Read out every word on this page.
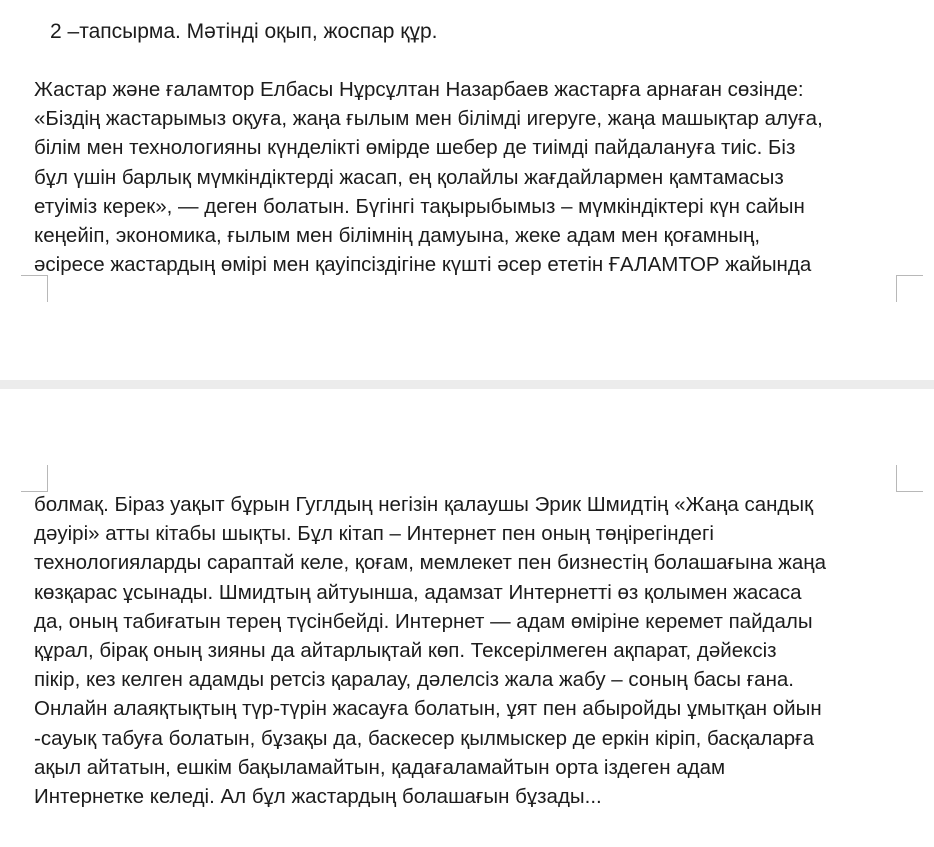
2 –тапсырма. Мәтінді оқып, жоспар құр.
Жастар және ғаламтор Елбасы Нұрсұлтан Назарбаев жастарға арнаған сөзінде:
«Біздің жастарымыз оқуға, жаңа ғылым мен білімді игеруге, жаңа машықтар алуға,
білім мен технологияны күнделікті өмірде шебер де тиімді пайдалануға тиіс. Біз
бұл үшін барлық мүмкіндіктерді жасап, ең қолайлы жағдайлармен қамтамасыз
етуіміз керек», — деген болатын. Бүгінгі тақырыбымыз – мүмкіндіктері күн сайын
кеңейіп, экономика, ғылым мен білімнің дамуына, жеке адам мен қоғамның,
әсіресе жастардың өмірі мен қауіпсіздігіне күшті әсер ететін ҒАЛАМТОР жайында
болмақ. Біраз уақыт бұрын Гуглдың негізін қалаушы Эрик Шмидтің «Жаңа сандық
дәуірі» атты кітабы шықты. Бұл кітап – Интернет пен оның төңірегіндегі
технологияларды сараптай келе, қоғам, мемлекет пен бизнестің болашағына жаңа
көзқарас ұсынады. Шмидтың айтуынша, адамзат Интернетті өз қолымен жасаса
да, оның табиғатын терең түсінбейді. Интернет — адам өміріне керемет пайдалы
құрал, бірақ оның зияны да айтарлықтай көп. Тексерілмеген ақпарат, дәйексіз
пікір, кез келген адамды ретсіз қаралау, дәлелсіз жала жабу – соның басы ғана.
Онлайн алаяқтықтың түр-түрін жасауға болатын, ұят пен абыройды ұмытқан ойын
-сауық табуға болатын, бұзақы да, баскесер қылмыскер де еркін кіріп, басқаларға
ақыл айтатын, ешкім бақыламайтын, қадағаламайтын орта іздеген адам
Интернетке келеді. Ал бұл жастардың болашағын бұзады...
